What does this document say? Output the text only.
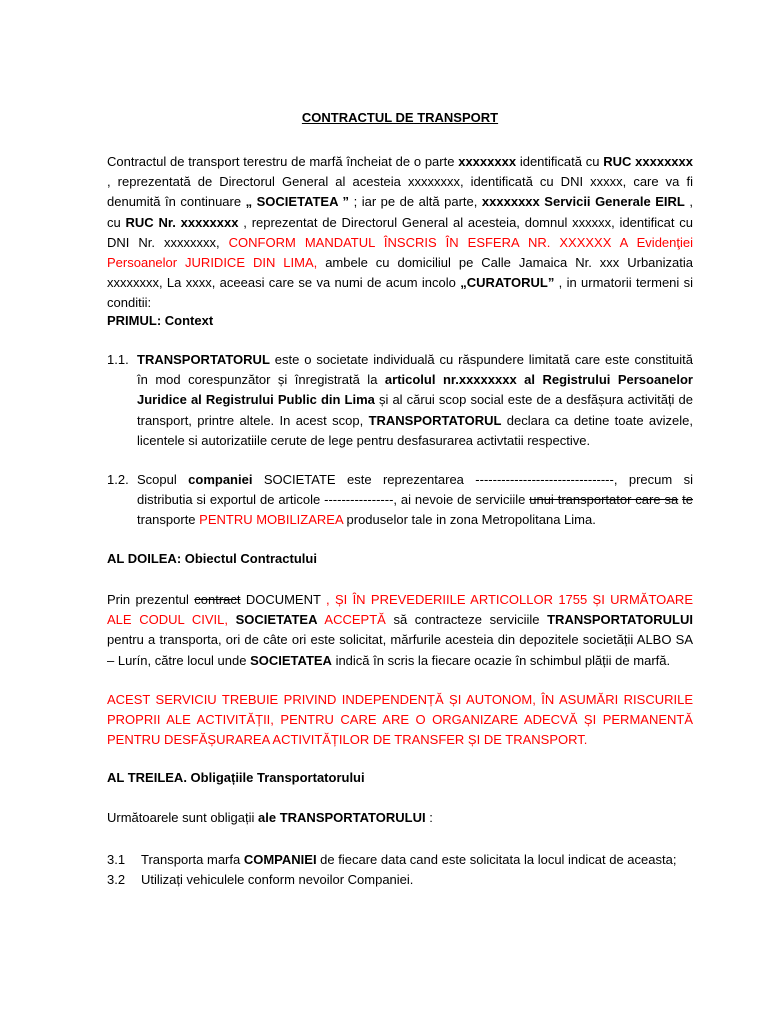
CONTRACTUL DE TRANSPORT

Contractul de transport terestru de marfă încheiat de o parte xxxxxxxx identificată cu RUC xxxxxxxx , reprezentată de Directorul General al acesteia xxxxxxxx, identificată cu DNI xxxxx, care va fi denumită în continuare „ SOCIETATEA ” ; iar pe de altă parte, xxxxxxxx Servicii Generale EIRL , cu RUC Nr. xxxxxxxx , reprezentat de Directorul General al acesteia, domnul xxxxxx, identificat cu DNI Nr. xxxxxxxx, CONFORM MANDATUL ÎNSCRIS ÎN ESFERA NR. XXXXXX A Evidenţiei Persoanelor JURIDICE DIN LIMA, ambele cu domiciliul pe Calle Jamaica Nr. xxx Urbanizatia xxxxxxxx, La xxxx, aceeasi care se va numi de acum incolo „CURATORUL” , in urmatorii termeni si conditii:

PRIMUL: Context

1.1. TRANSPORTATORUL este o societate individuală cu răspundere limitată care este constituită în mod corespunzător și înregistrată la articolul nr.xxxxxxxx al Registrului Persoanelor Juridice al Registrului Public din Lima și al cărui scop social este de a desfășura activități de transport, printre altele. In acest scop, TRANSPORTATORUL declara ca detine toate avizele, licentele si autorizatiile cerute de lege pentru desfasurarea activtatii respective.
1.2. Scopul companiei SOCIETATE este reprezentarea --------------------------------, precum si distributia si exportul de articole ----------------, ai nevoie de serviciile unui transportator care sa te transporte PENTRU MOBILIZAREA produselor tale in zona Metropolitana Lima.

AL DOILEA: Obiectul Contractului

Prin prezentul contract DOCUMENT , ȘI ÎN PREVEDERIILE ARTICOLLOR 1755 ȘI URMĂTOARE ALE CODUL CIVIL, SOCIETATEA ACCEPTĂ să contracteze serviciile TRANSPORTATORULUI pentru a transporta, ori de câte ori este solicitat, mărfurile acesteia din depozitele societății ALBO SA – Lurín, către locul unde SOCIETATEA indică în scris la fiecare ocazie în schimbul plății de marfă.

ACEST SERVICIU TREBUIE PRIVIND INDEPENDENȚĂ ȘI AUTONOM, ÎN ASUMĂRI RISCURILE PROPRII ALE ACTIVITĂȚII, PENTRU CARE ARE O ORGANIZARE ADECVĂ ȘI PERMANENTĂ PENTRU DESFĂȘURAREA ACTIVITĂȚILOR DE TRANSFER ȘI DE TRANSPORT.

AL TREILEA. Obligațiile Transportatorului

Următoarele sunt obligații ale TRANSPORTATORULUI :

3.1 Transporta marfa COMPANIEI de fiecare data cand este solicitata la locul indicat de aceasta;

3.2 Utilizați vehiculele conform nevoilor Companiei.
